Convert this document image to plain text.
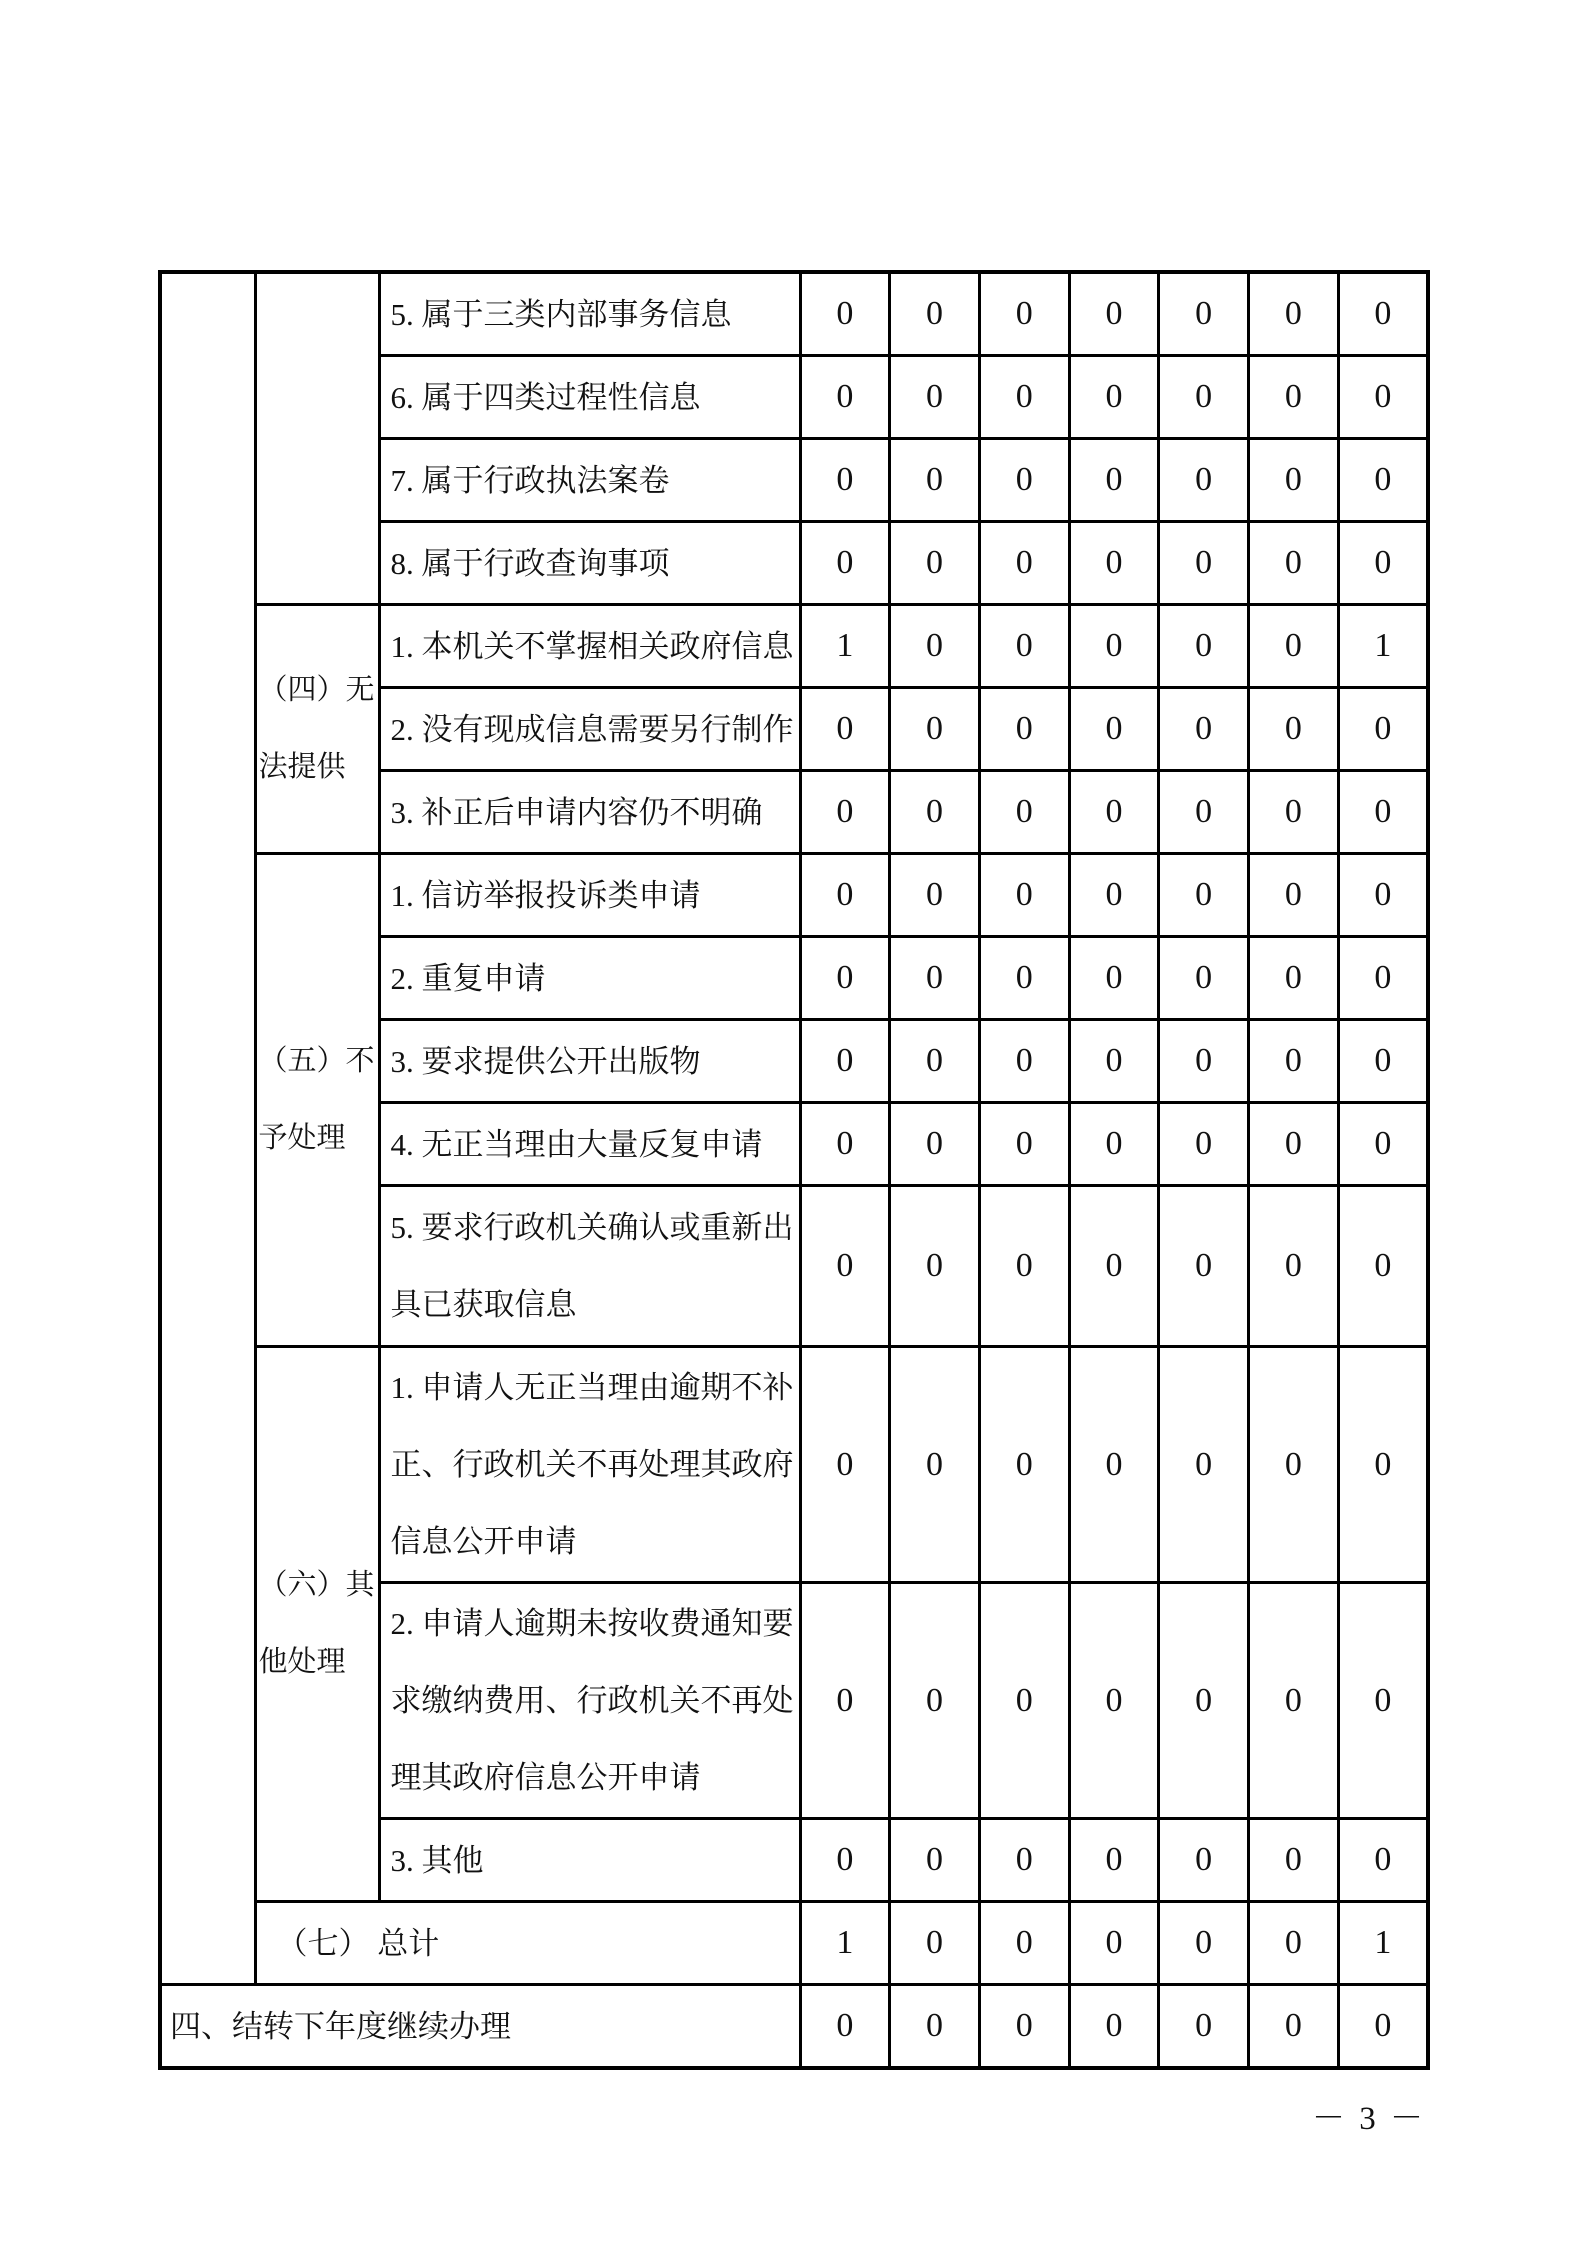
		5. 属于三类内部事务信息	0	0	0	0	0	0	0
		6. 属于四类过程性信息	0	0	0	0	0	0	0
		7. 属于行政执法案卷	0	0	0	0	0	0	0
		8. 属于行政查询事项	0	0	0	0	0	0	0
	（四）无法提供	1. 本机关不掌握相关政府信息	1	0	0	0	0	0	1
		2. 没有现成信息需要另行制作	0	0	0	0	0	0	0
		3. 补正后申请内容仍不明确	0	0	0	0	0	0	0
	（五）不予处理	1. 信访举报投诉类申请	0	0	0	0	0	0	0
		2. 重复申请	0	0	0	0	0	0	0
		3. 要求提供公开出版物	0	0	0	0	0	0	0
		4. 无正当理由大量反复申请	0	0	0	0	0	0	0
		5. 要求行政机关确认或重新出具已获取信息	0	0	0	0	0	0	0
	（六）其他处理	1. 申请人无正当理由逾期不补正、行政机关不再处理其政府信息公开申请	0	0	0	0	0	0	0
		2. 申请人逾期未按收费通知要求缴纳费用、行政机关不再处理其政府信息公开申请	0	0	0	0	0	0	0
		3. 其他	0	0	0	0	0	0	0
	（七） 总计		1	0	0	0	0	0	1
四、结转下年度继续办理			0	0	0	0	0	0	0
－ 3 －
